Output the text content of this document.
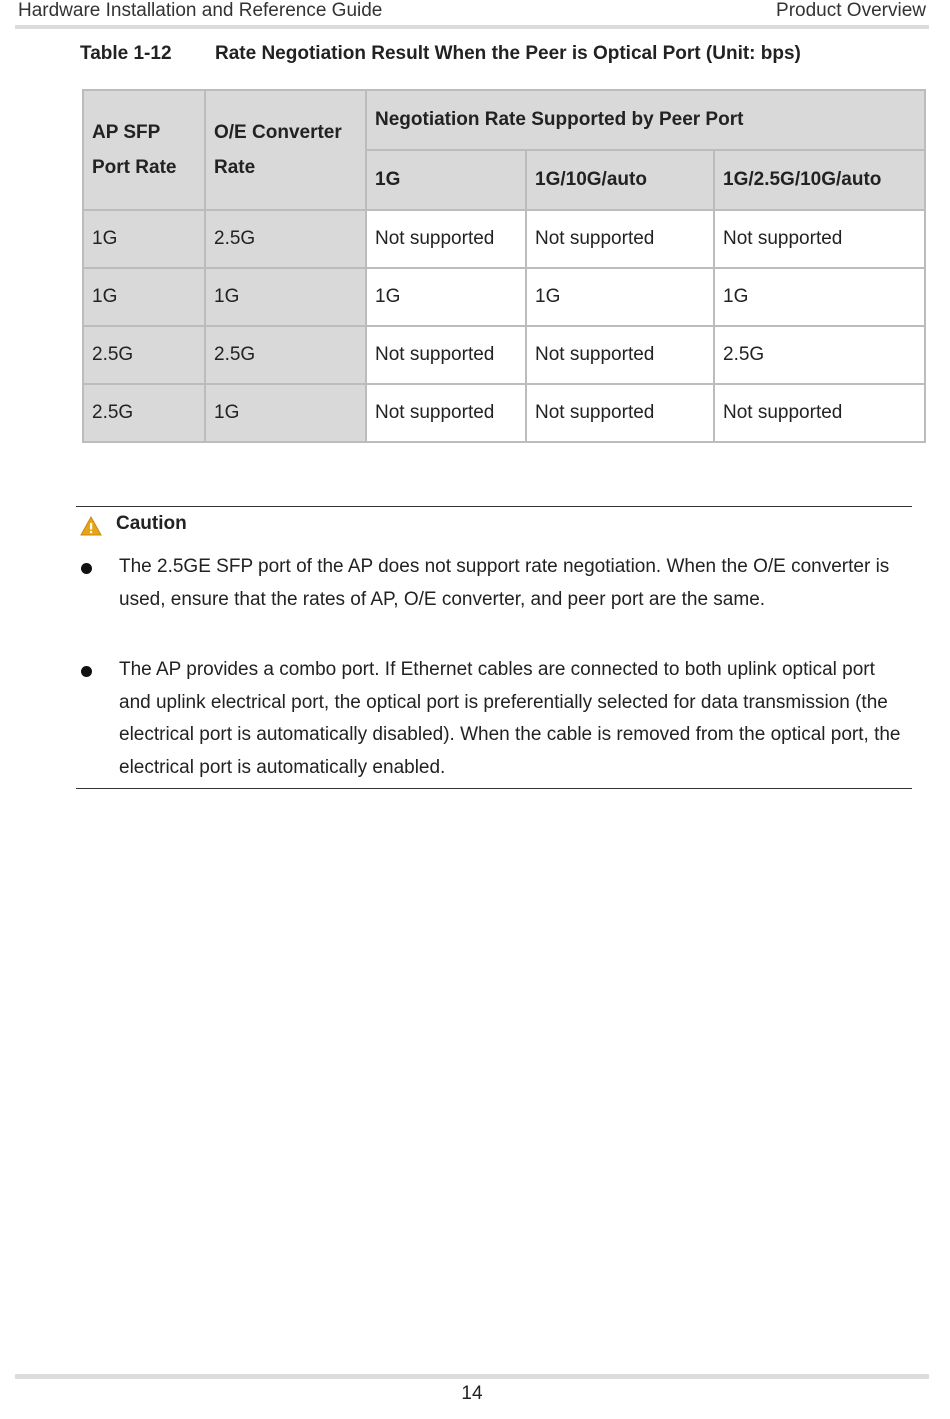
Hardware Installation and Reference Guide	Product Overview
Table 1-12 Rate Negotiation Result When the Peer is Optical Port (Unit: bps)
AP SFP Port Rate	O/E Converter Rate	Negotiation Rate Supported by Peer Port		
		1G	1G/10G/auto	1G/2.5G/10G/auto
1G	2.5G	Not supported	Not supported	Not supported
1G	1G	1G	1G	1G
2.5G	2.5G	Not supported	Not supported	2.5G
2.5G	1G	Not supported	Not supported	Not supported
Caution
The 2.5GE SFP port of the AP does not support rate negotiation. When the O/E converter is used, ensure that the rates of AP, O/E converter, and peer port are the same.
The AP provides a combo port. If Ethernet cables are connected to both uplink optical port and uplink electrical port, the optical port is preferentially selected for data transmission (the electrical port is automatically disabled). When the cable is removed from the optical port, the electrical port is automatically enabled.
14
